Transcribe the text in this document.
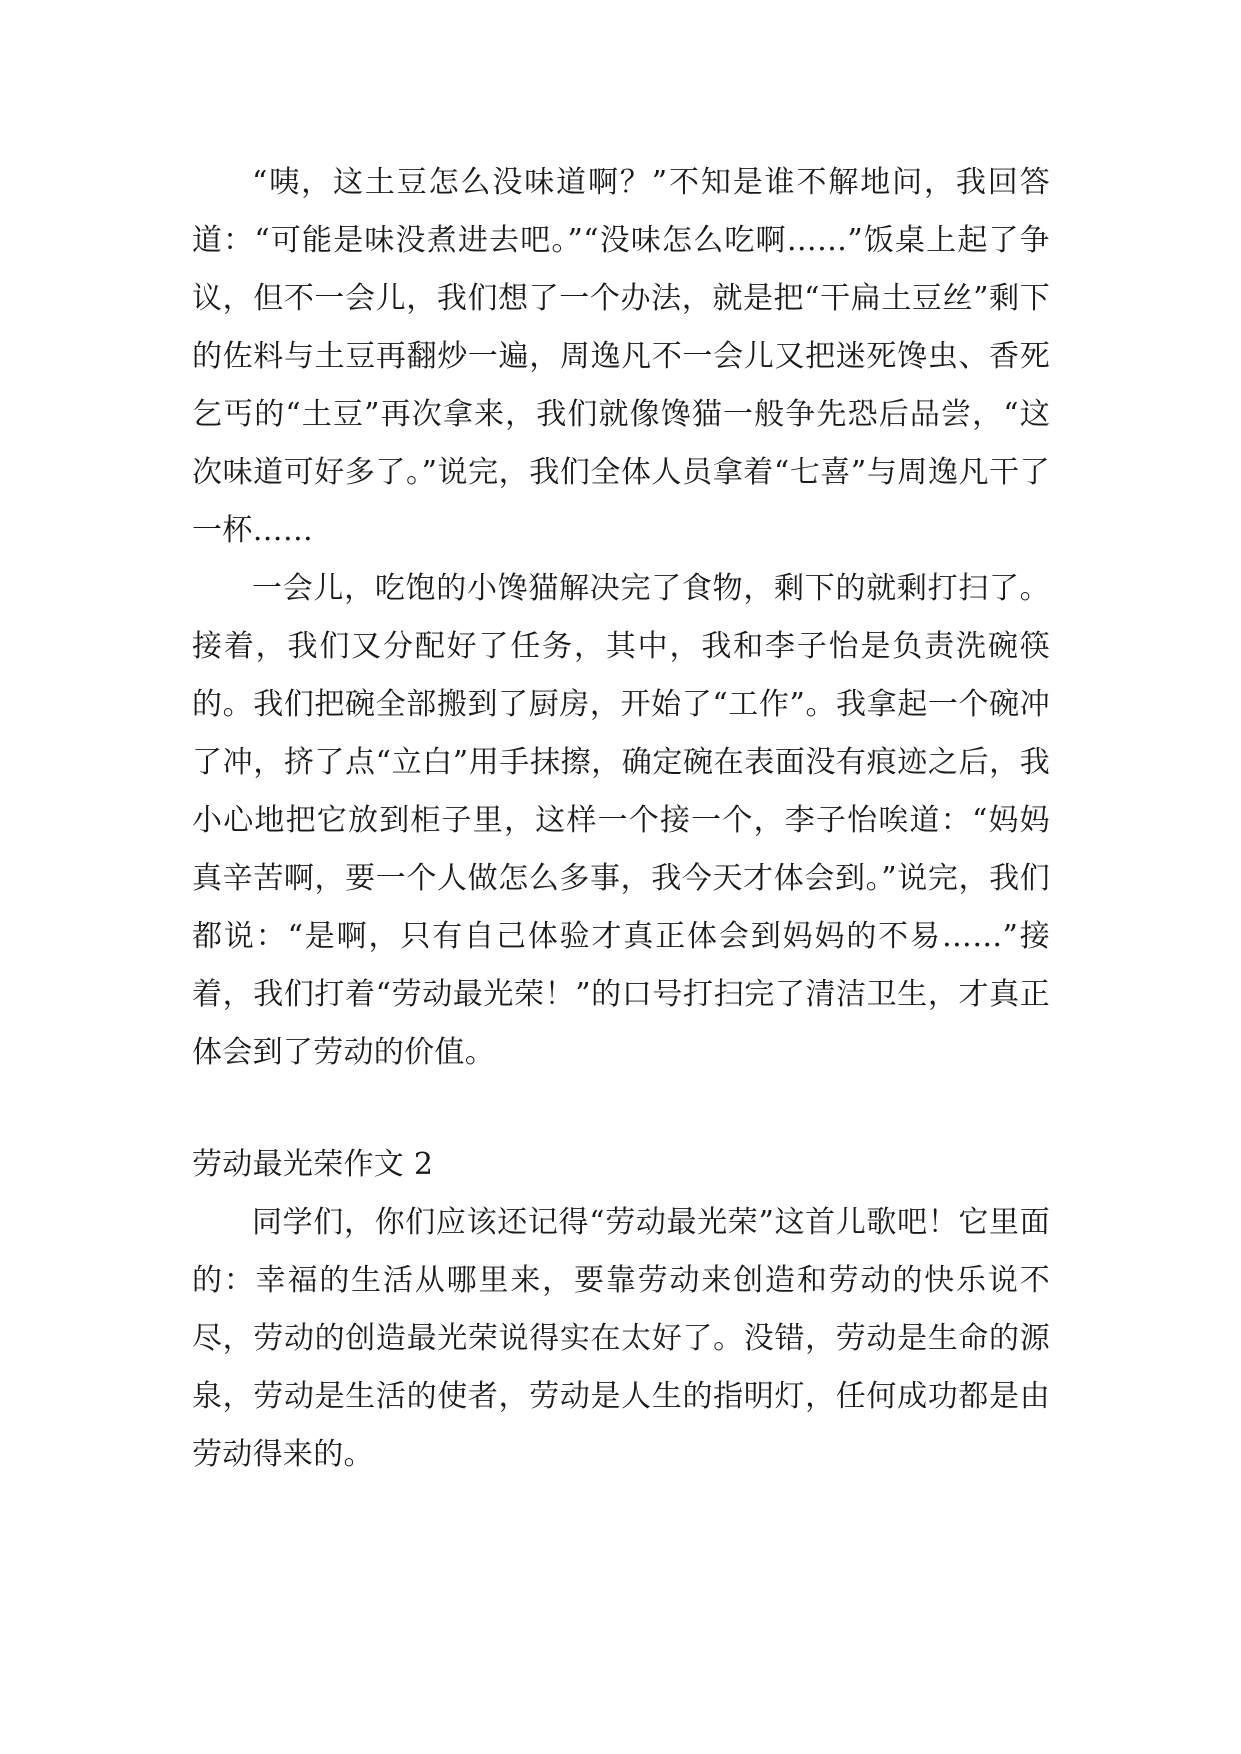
“咦，这土豆怎么没味道啊？”不知是谁不解地问，我回答道：“可能是味没煮进去吧。”“没味怎么吃啊……”饭桌上起了争议，但不一会儿，我们想了一个办法，就是把“干扁土豆丝”剩下的佐料与土豆再翻炒一遍，周逸凡不一会儿又把迷死馋虫、香死乞丐的“土豆”再次拿来，我们就像馋猫一般争先恐后品尝，“这次味道可好多了。”说完，我们全体人员拿着“七喜”与周逸凡干了一杯……

一会儿，吃饱的小馋猫解决完了食物，剩下的就剩打扫了。接着，我们又分配好了任务，其中，我和李子怡是负责洗碗筷的。我们把碗全部搬到了厨房，开始了“工作”。我拿起一个碗冲了冲，挤了点“立白”用手抹擦，确定碗在表面没有痕迹之后，我小心地把它放到柜子里，这样一个接一个，李子怡唉道：“妈妈真辛苦啊，要一个人做怎么多事，我今天才体会到。”说完，我们都说：“是啊，只有自己体验才真正体会到妈妈的不易……”接着，我们打着“劳动最光荣！”的口号打扫完了清洁卫生，才真正体会到了劳动的价值。

劳动最光荣作文 2

同学们，你们应该还记得“劳动最光荣”这首儿歌吧！它里面的：幸福的生活从哪里来，要靠劳动来创造和劳动的快乐说不尽，劳动的创造最光荣说得实在太好了。没错，劳动是生命的源泉，劳动是生活的使者，劳动是人生的指明灯，任何成功都是由劳动得来的。
